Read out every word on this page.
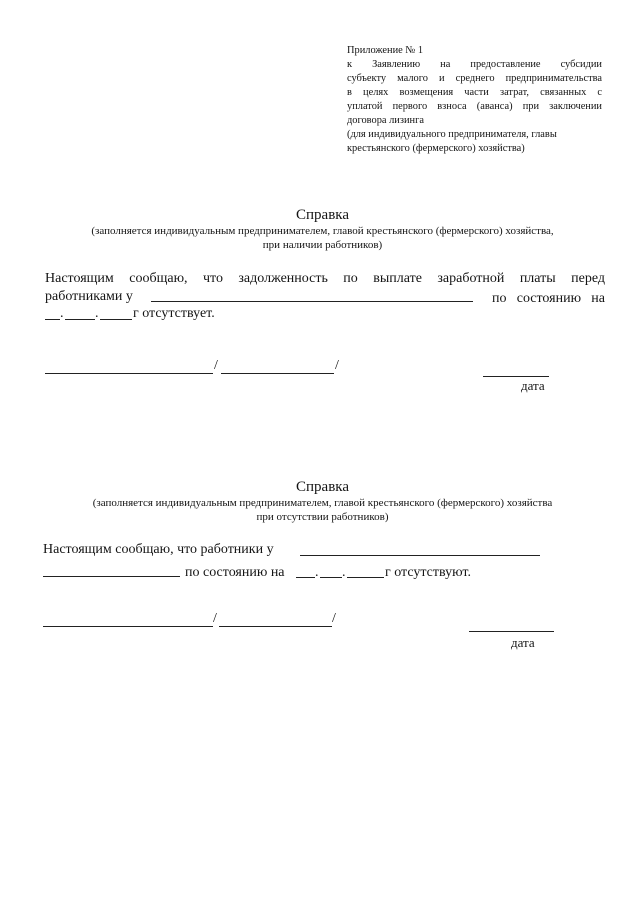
Приложение № 1
к Заявлению на предоставление субсидии
субъекту малого и среднего предпринимательства
в целях возмещения части затрат, связанных с
уплатой первого взноса (аванса) при заключении
договора лизинга
(для индивидуального предпринимателя, главы
крестьянского (фермерского) хозяйства)
Справка
(заполняется индивидуальным предпринимателем, главой крестьянского (фермерского) хозяйства,
при наличии работников)
Настоящим сообщаю, что задолженность по выплате заработной платы перед
работниками у	по состоянию на
. . г отсутствует.
/	/
дата
Справка
(заполняется индивидуальным предпринимателем, главой крестьянского (фермерского) хозяйства
при отсутствии работников)
Настоящим сообщаю, что работники у
по состоянию на . .	г отсутствуют.
/	/
дата
